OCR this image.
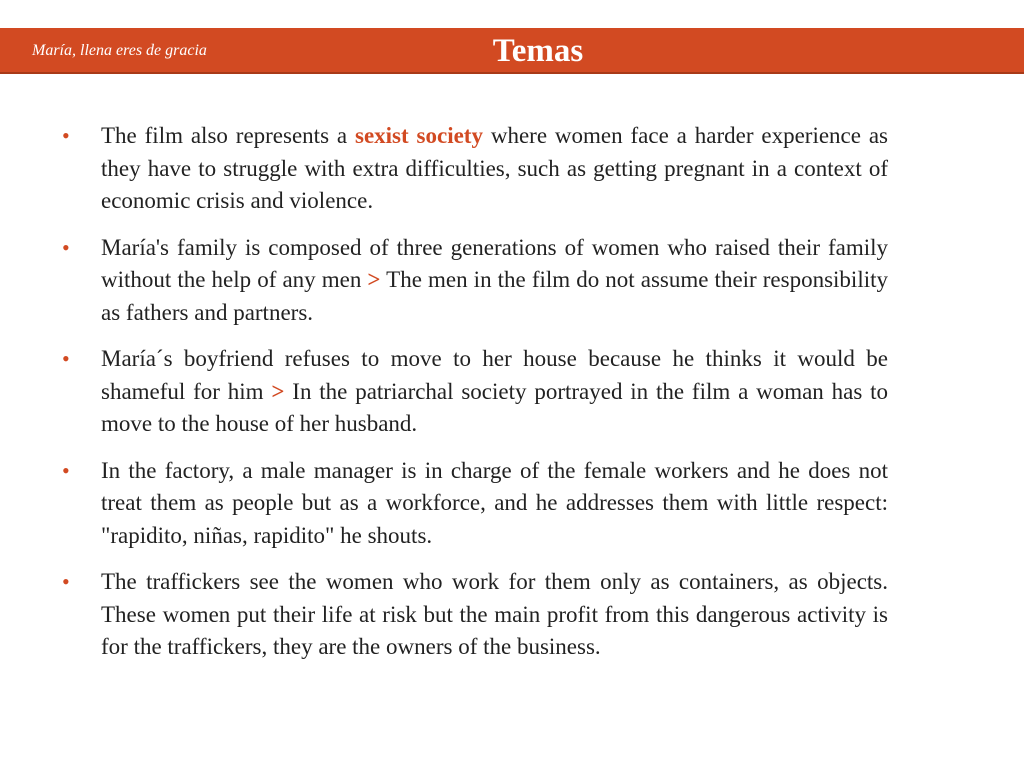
María, llena eres de gracia	Temas
• The film also represents a sexist society where women face a harder experience as they have to struggle with extra difficulties, such as getting pregnant in a context of economic crisis and violence.
• María's family is composed of three generations of women who raised their family without the help of any men > The men in the film do not assume their responsibility as fathers and partners.
• María´s boyfriend refuses to move to her house because he thinks it would be shameful for him > In the patriarchal society portrayed in the film a woman has to move to the house of her husband.
• In the factory, a male manager is in charge of the female workers and he does not treat them as people but as a workforce, and he addresses them with little respect: "rapidito, niñas, rapidito" he shouts.
• The traffickers see the women who work for them only as containers, as objects. These women put their life at risk but the main profit from this dangerous activity is for the traffickers, they are the owners of the business.
